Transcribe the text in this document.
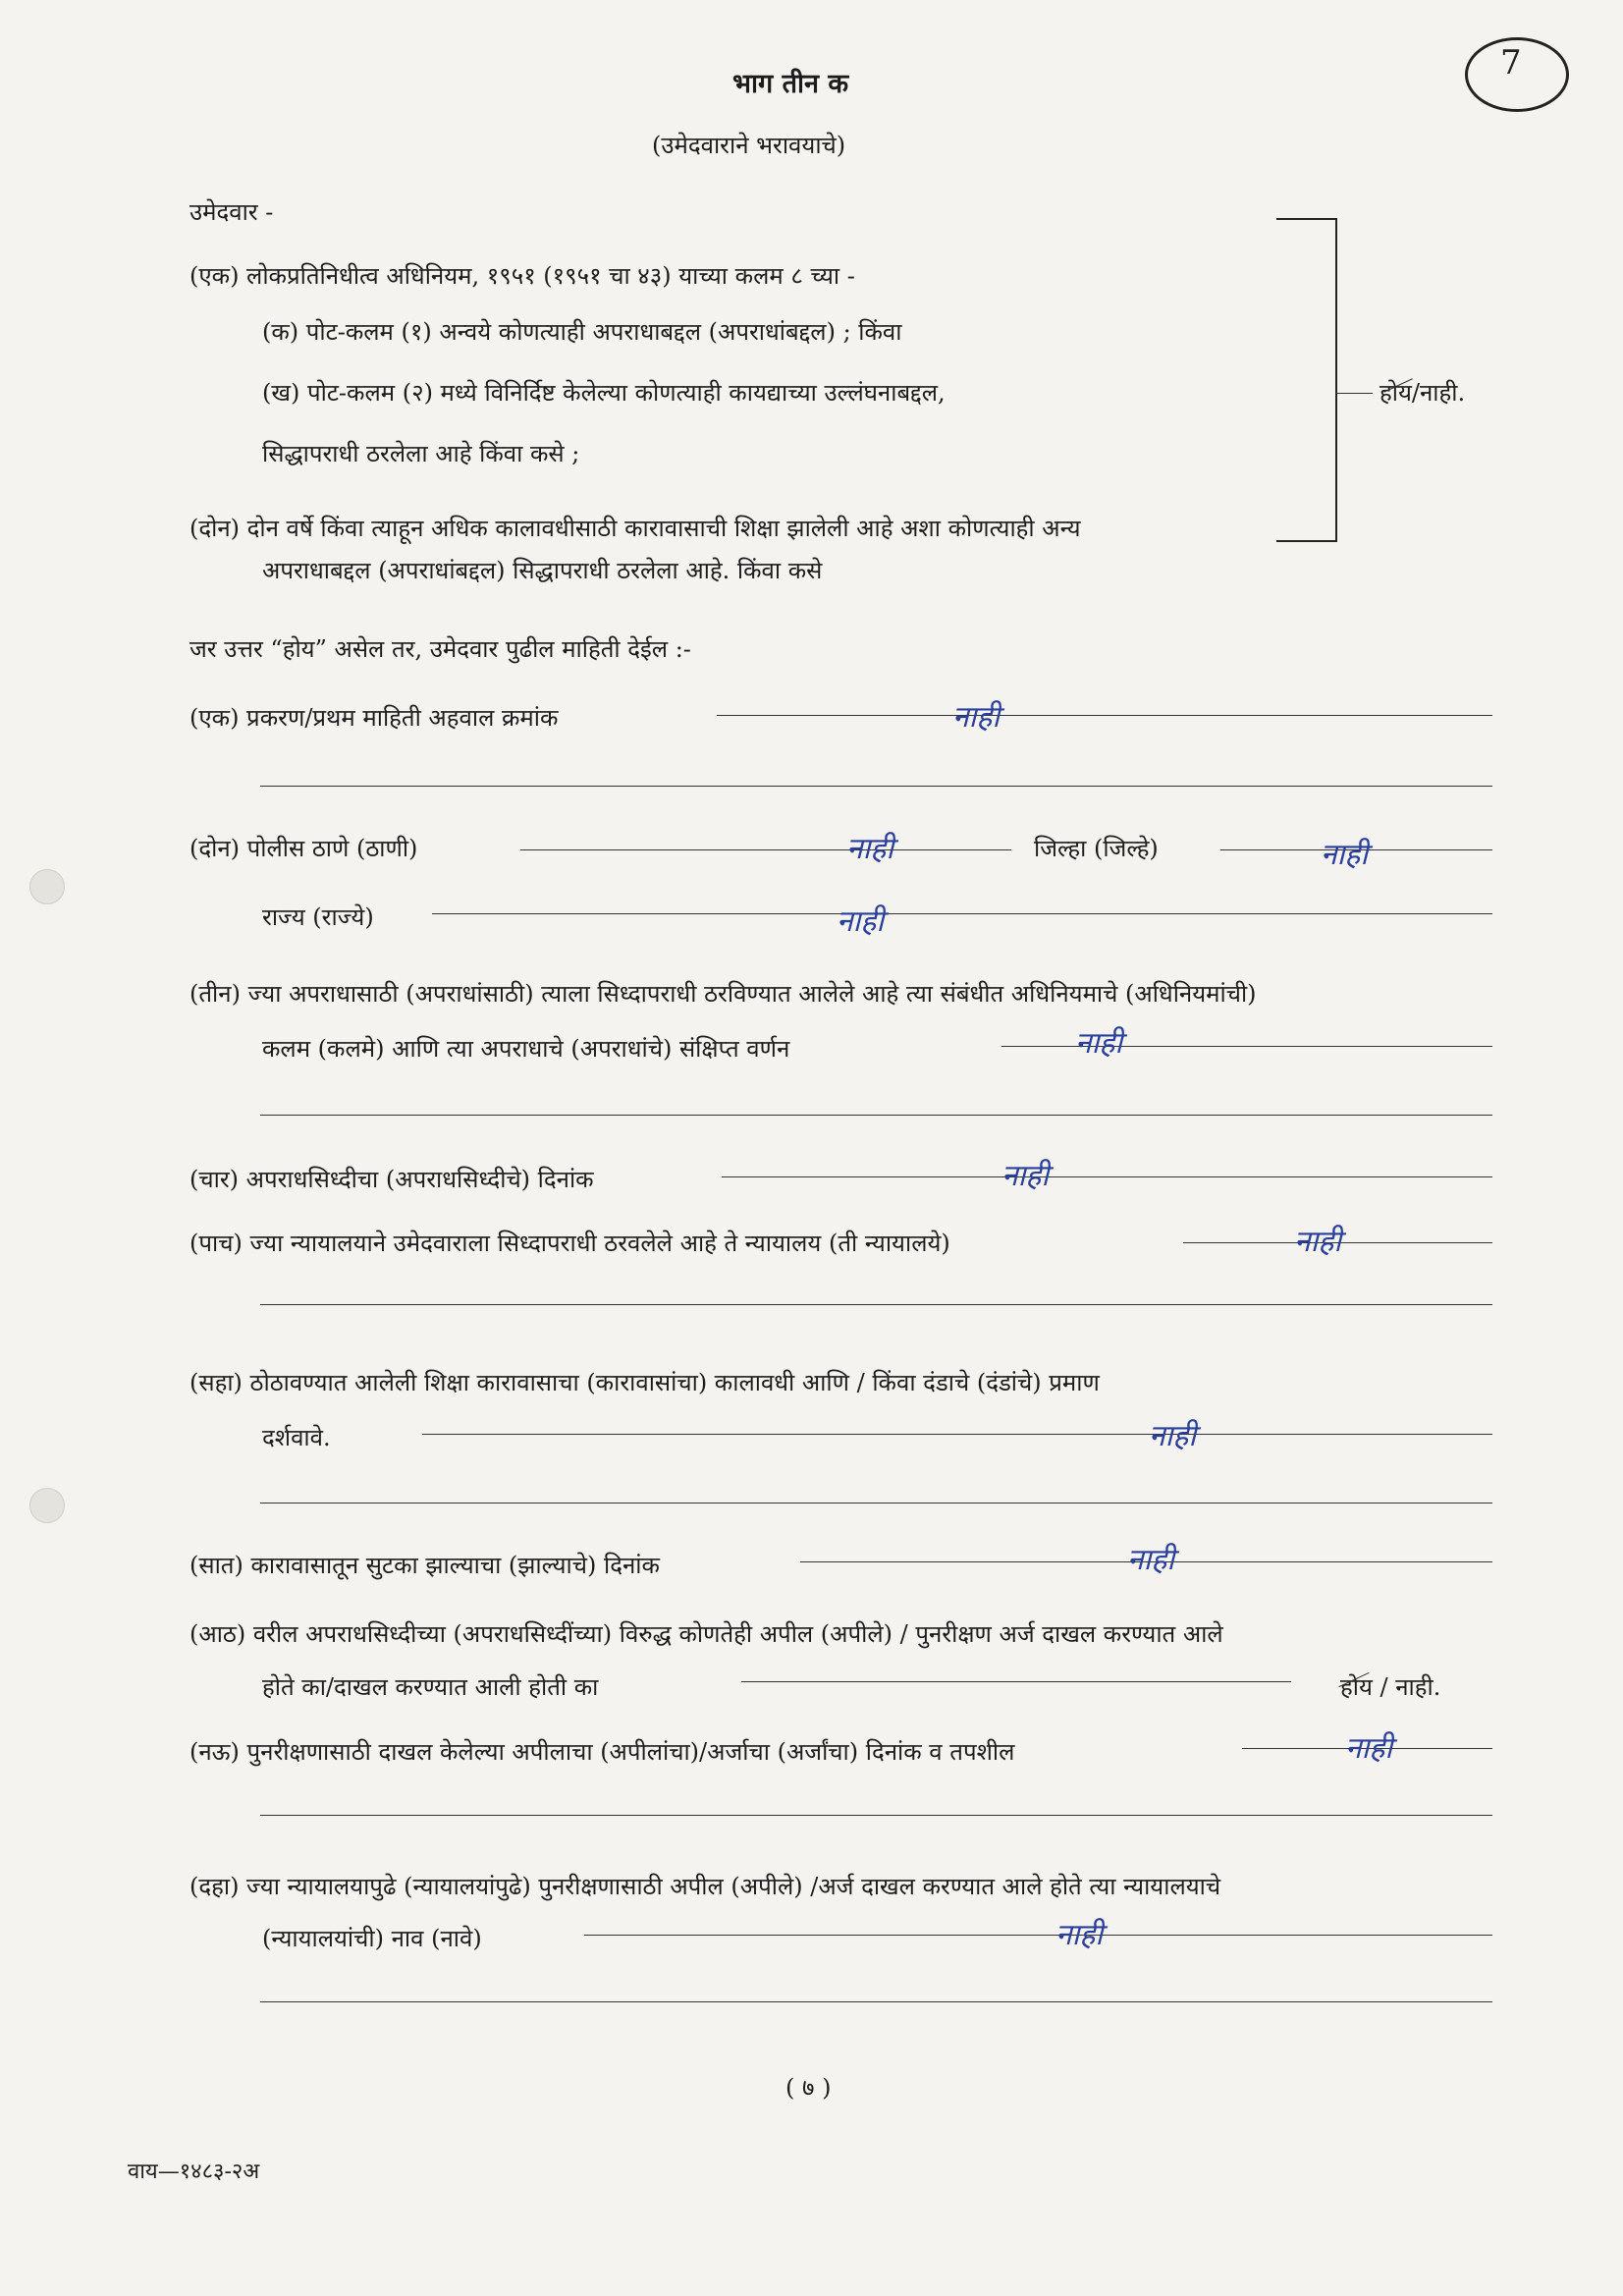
7
भाग तीन क
(उमेदवाराने भरावयाचे)
उमेदवार -
(एक) लोकप्रतिनिधीत्व अधिनियम, १९५१ (१९५१ चा ४३) याच्या कलम ८ च्या -
(क) पोट-कलम (१) अन्वये कोणत्याही अपराधाबद्दल (अपराधांबद्दल) ; किंवा
(ख) पोट-कलम (२) मध्ये विनिर्दिष्ट केलेल्या कोणत्याही कायद्याच्या उल्लंघनाबद्दल,
सिद्धापराधी ठरलेला आहे किंवा कसे ;
(दोन) दोन वर्षे किंवा त्याहून अधिक कालावधीसाठी कारावासाची शिक्षा झालेली आहे अशा कोणत्याही अन्य
अपराधाबद्दल (अपराधांबद्दल) सिद्धापराधी ठरलेला आहे. किंवा कसे
होय/नाही.
जर उत्तर “होय” असेल तर, उमेदवार पुढील माहिती देईल :-
(एक) प्रकरण/प्रथम माहिती अहवाल क्रमांक	नाही
(दोन) पोलीस ठाणे (ठाणी)	नाही	जिल्हा (जिल्हे)	नाही
राज्य (राज्ये)	नाही
(तीन) ज्या अपराधासाठी (अपराधांसाठी) त्याला सिध्दापराधी ठरविण्यात आलेले आहे त्या संबंधीत अधिनियमाचे (अधिनियमांची)
कलम (कलमे) आणि त्या अपराधाचे (अपराधांचे) संक्षिप्त वर्णन	नाही
(चार) अपराधसिध्दीचा (अपराधसिध्दीचे) दिनांक	नाही
(पाच) ज्या न्यायालयाने उमेदवाराला सिध्दापराधी ठरवलेले आहे ते न्यायालय (ती न्यायालये)	नाही
(सहा) ठोठावण्यात आलेली शिक्षा कारावासाचा (कारावासांचा) कालावधी आणि / किंवा दंडाचे (दंडांचे) प्रमाण
दर्शवावे.	नाही
(सात) कारावासातून सुटका झाल्याचा (झाल्याचे) दिनांक	नाही
(आठ) वरील अपराधसिध्दीच्या (अपराधसिध्दींच्या) विरुद्ध कोणतेही अपील (अपीले) / पुनरीक्षण अर्ज दाखल करण्यात आले
होते का/दाखल करण्यात आली होती का	होय / नाही.
(नऊ) पुनरीक्षणासाठी दाखल केलेल्या अपीलाचा (अपीलांचा)/अर्जाचा (अर्जांचा) दिनांक व तपशील	नाही
(दहा) ज्या न्यायालयापुढे (न्यायालयांपुढे) पुनरीक्षणासाठी अपील (अपीले) /अर्ज दाखल करण्यात आले होते त्या न्यायालयाचे
(न्यायालयांची) नाव (नावे)	नाही
( ७ )
वाय—१४८३-२अ
